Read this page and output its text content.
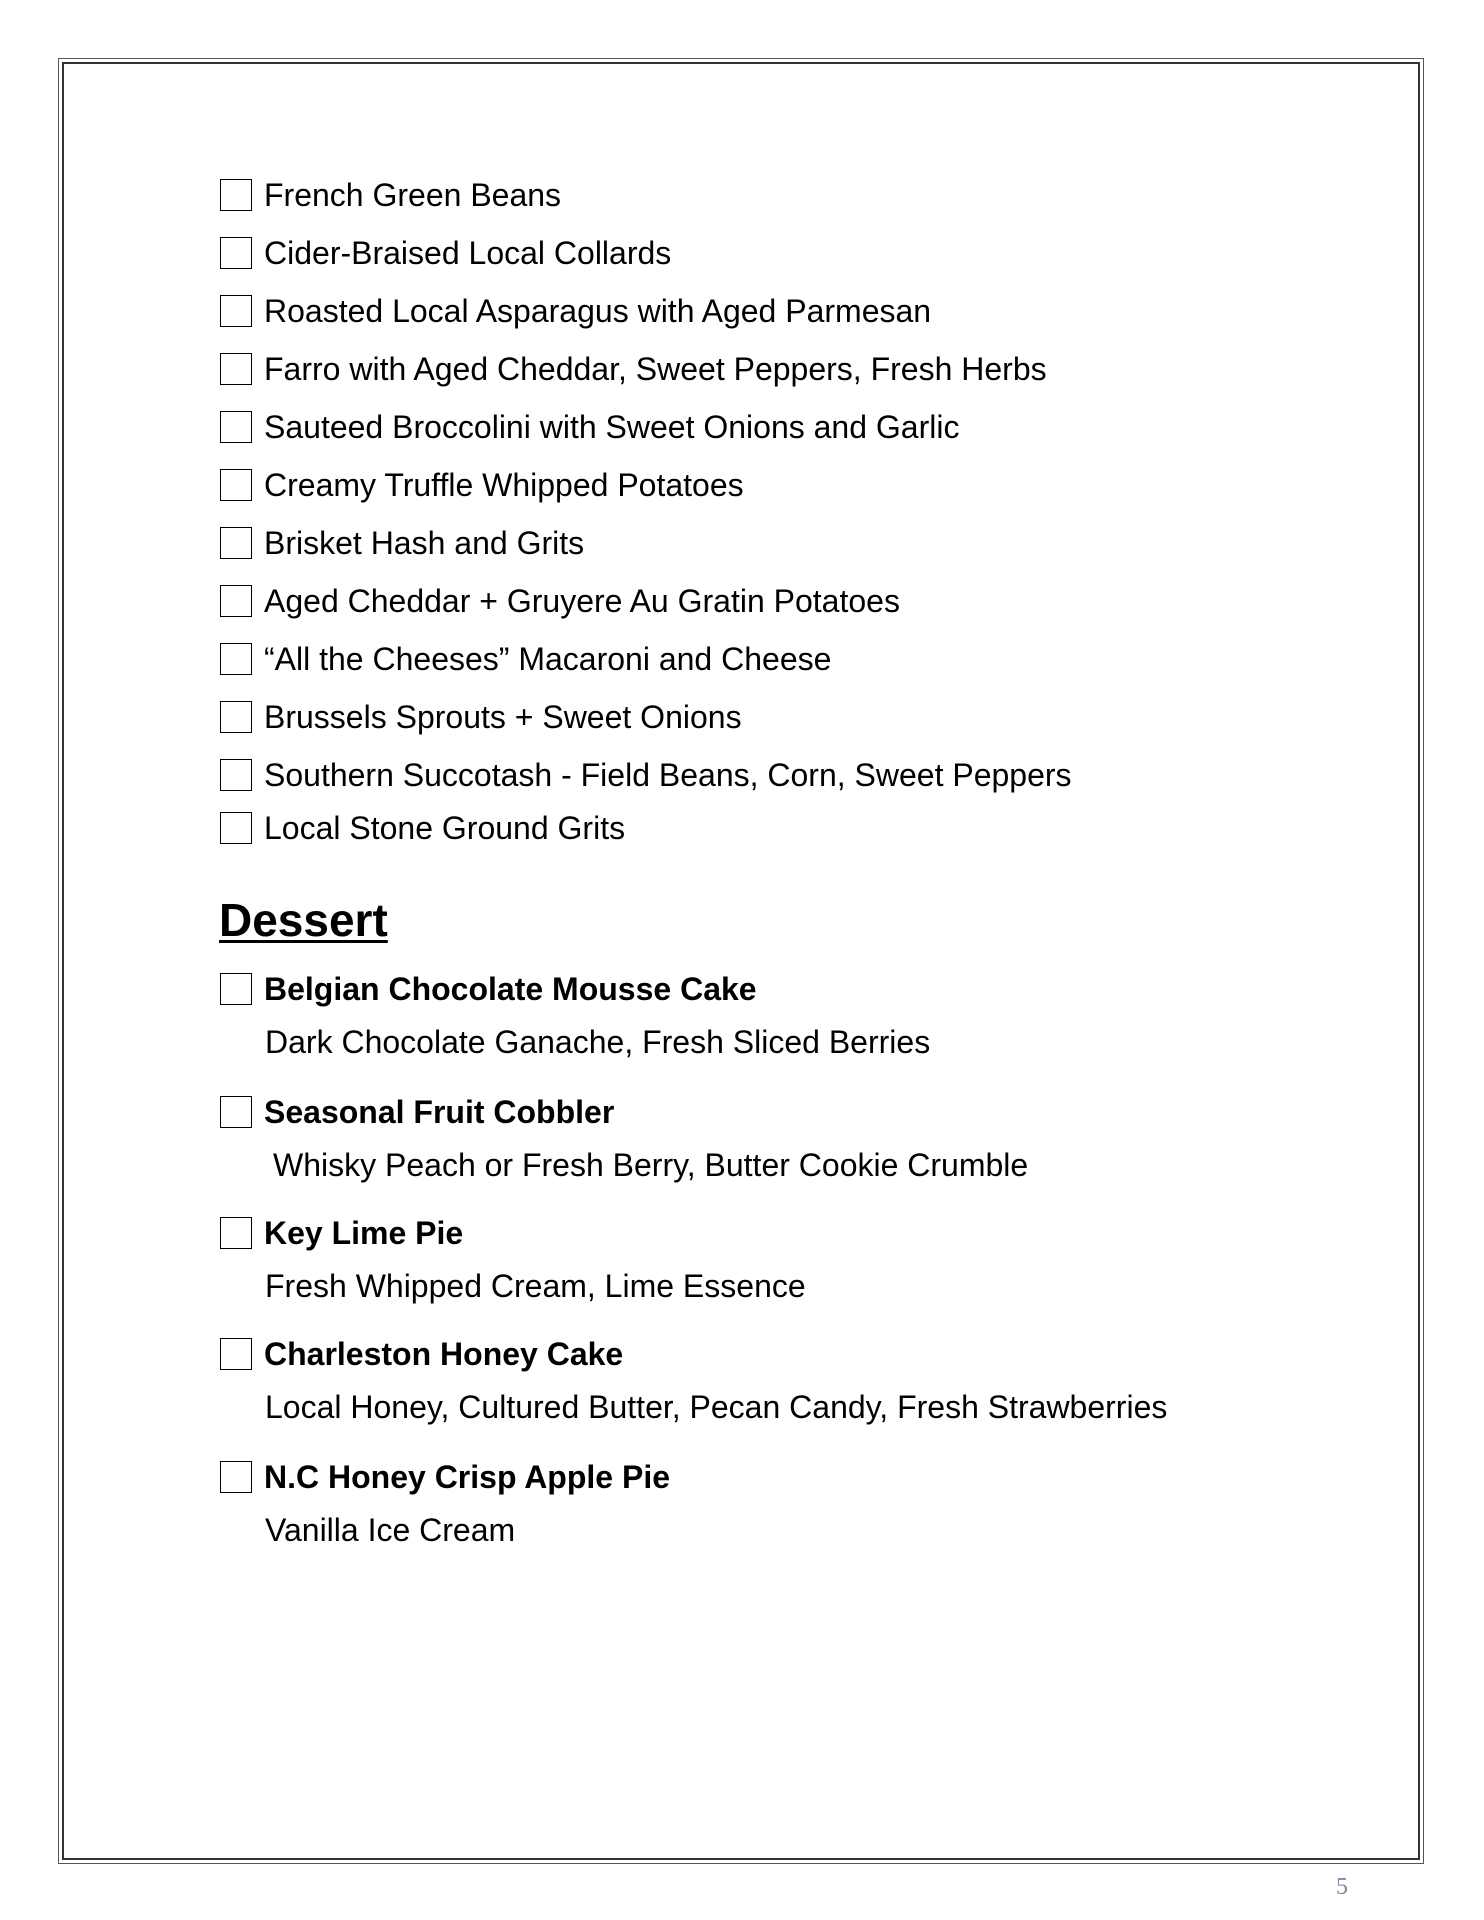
French Green Beans
Cider-Braised Local Collards
Roasted Local Asparagus with Aged Parmesan
Farro with Aged Cheddar, Sweet Peppers, Fresh Herbs
Sauteed Broccolini with Sweet Onions and Garlic
Creamy Truffle Whipped Potatoes
Brisket Hash and Grits
Aged Cheddar + Gruyere Au Gratin Potatoes
“All the Cheeses” Macaroni and Cheese
Brussels Sprouts + Sweet Onions
Southern Succotash - Field Beans, Corn, Sweet Peppers
Local Stone Ground Grits
Dessert
Belgian Chocolate Mousse Cake
Dark Chocolate Ganache, Fresh Sliced Berries
Seasonal Fruit Cobbler
Whisky Peach or Fresh Berry, Butter Cookie Crumble
Key Lime Pie
Fresh Whipped Cream, Lime Essence
Charleston Honey Cake
Local Honey, Cultured Butter, Pecan Candy, Fresh Strawberries
N.C Honey Crisp Apple Pie
Vanilla Ice Cream
5
